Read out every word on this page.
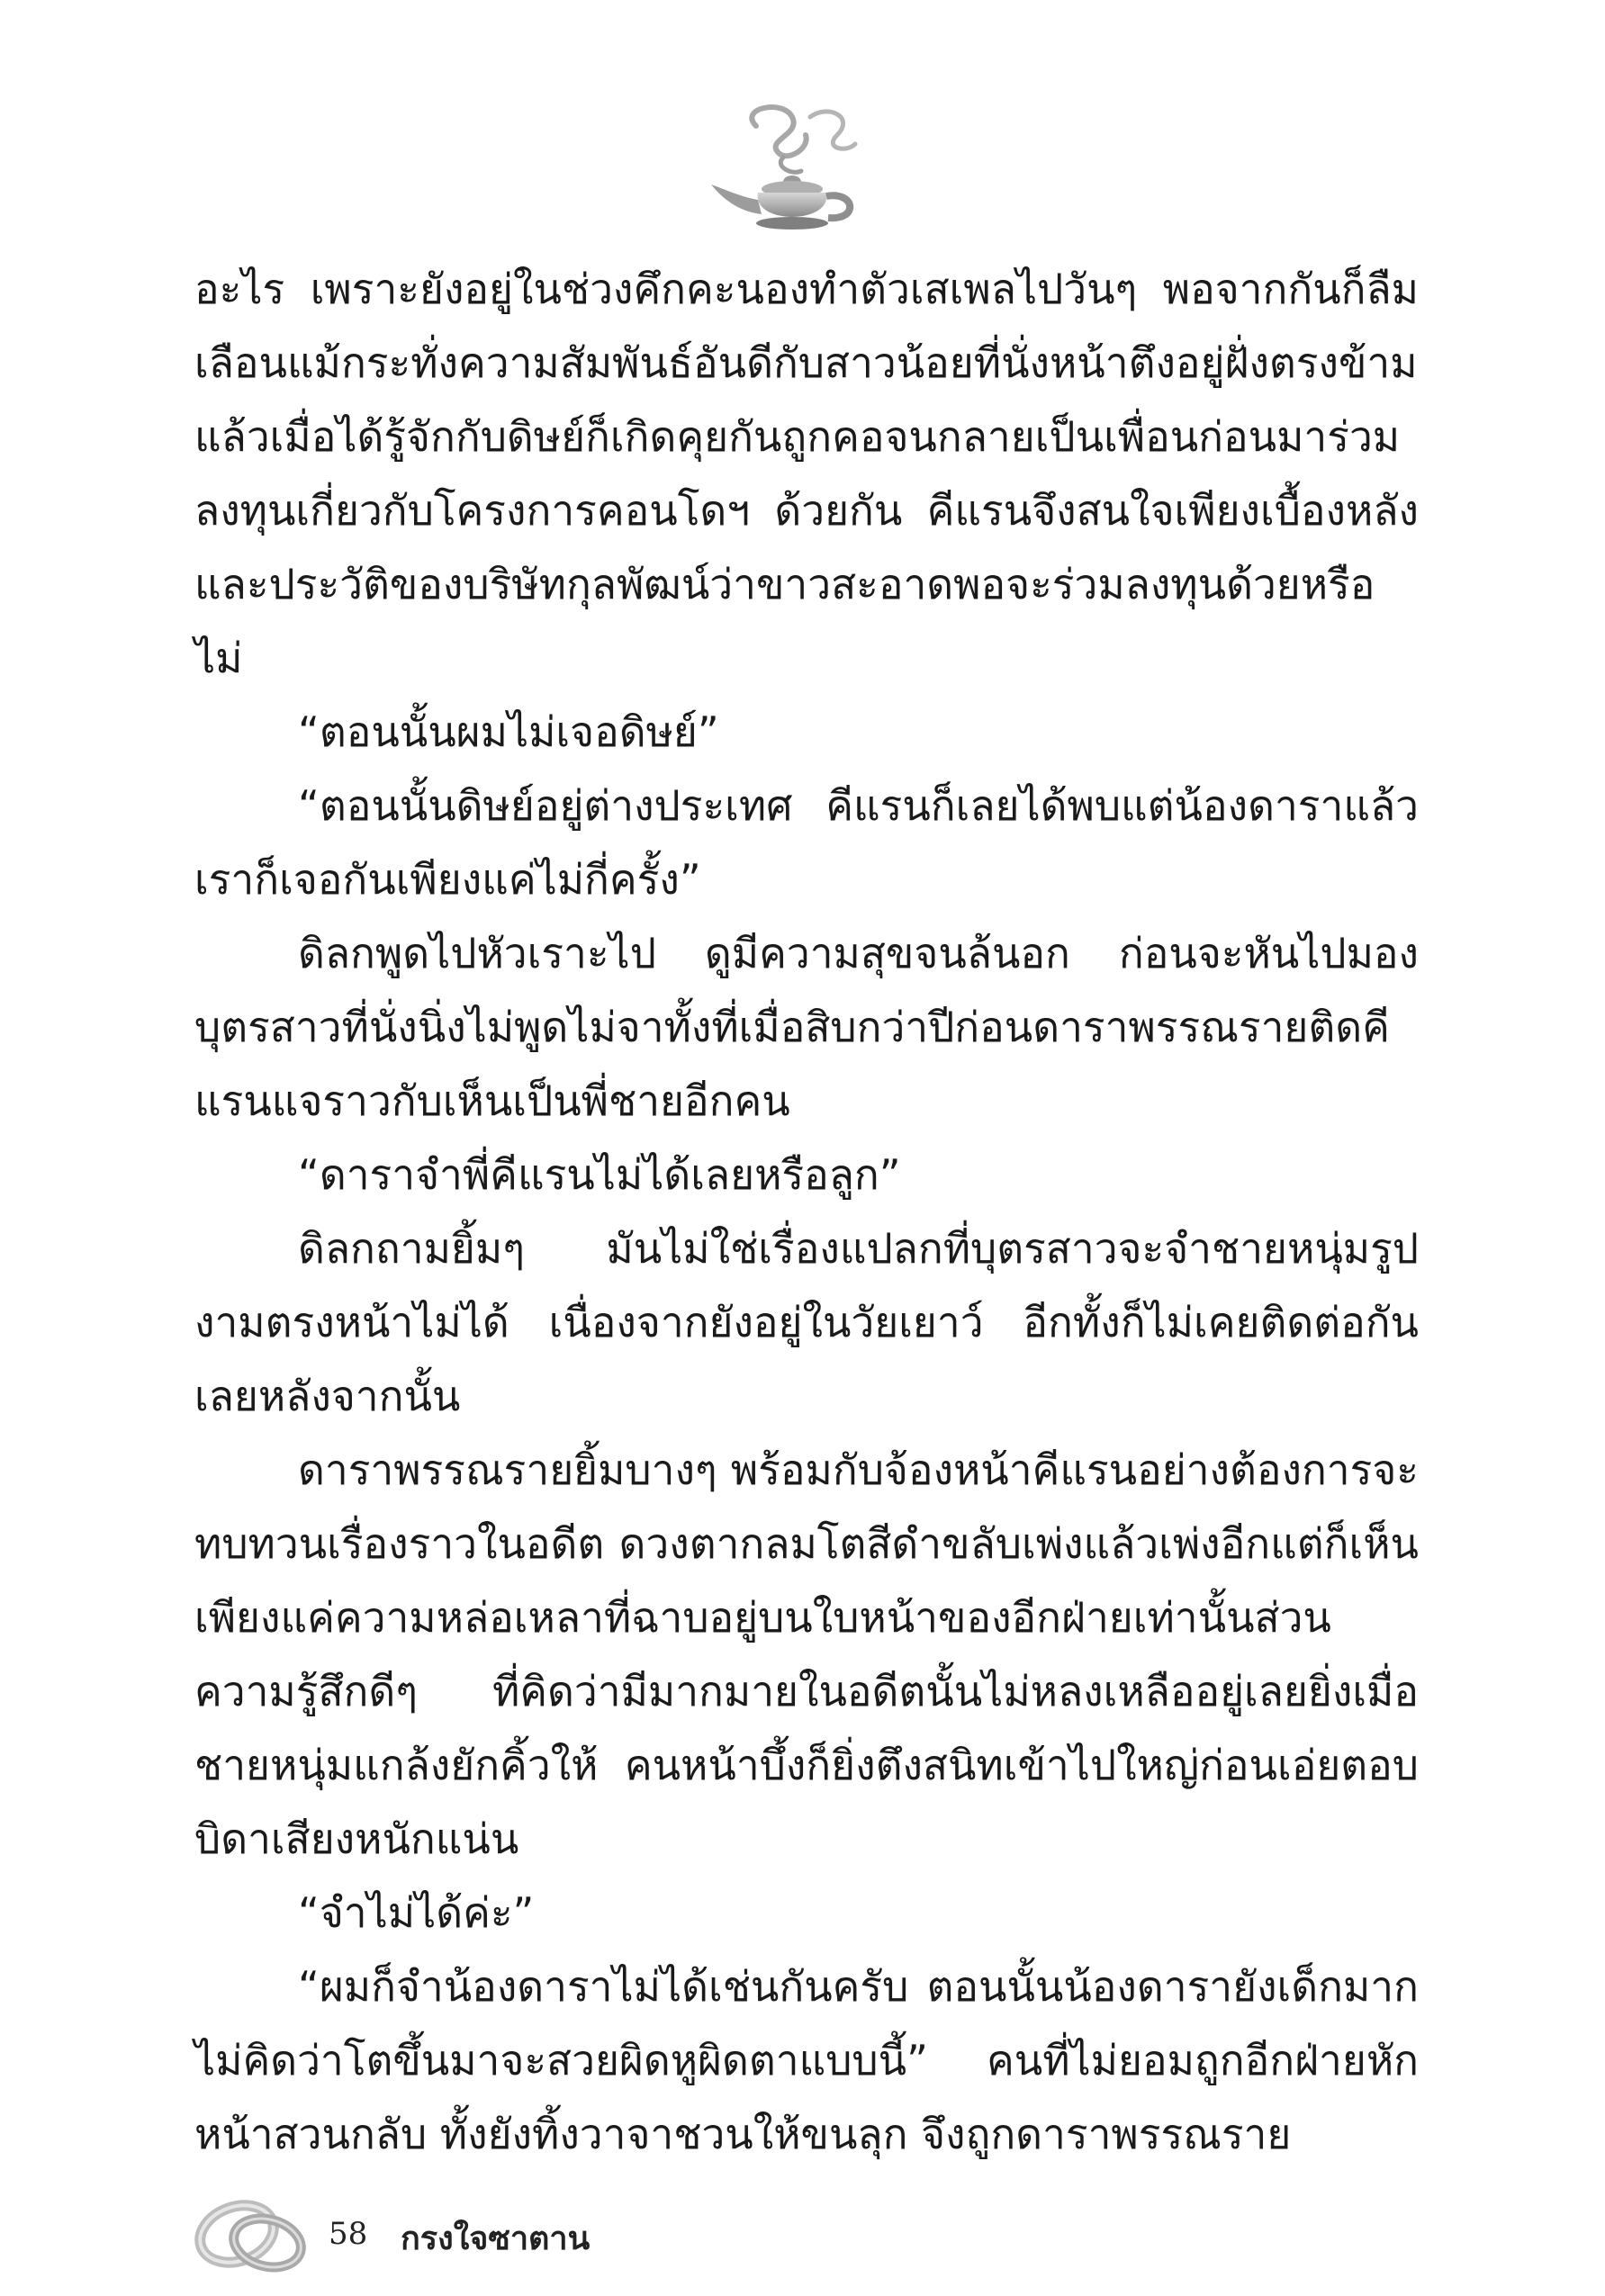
อะไร เพราะยังอยู่ในช่วงคึกคะนองทำตัวเสเพลไปวันๆ พอจากกันก็ลืมเลือนแม้กระทั่งความสัมพันธ์อันดีกับสาวน้อยที่นั่งหน้าตึงอยู่ฝั่งตรงข้าม แล้วเมื่อได้รู้จักกับดิษย์ก็เกิดคุยกันถูกคอจนกลายเป็นเพื่อนก่อนมาร่วมลงทุนเกี่ยวกับโครงการคอนโดฯ ด้วยกัน คีแรนจึงสนใจเพียงเบื้องหลังและประวัติของบริษัทกุลพัฒน์ว่าขาวสะอาดพอจะร่วมลงทุนด้วยหรือไม่

“ตอนนั้นผมไม่เจอดิษย์”

“ตอนนั้นดิษย์อยู่ต่างประเทศ คีแรนก็เลยได้พบแต่น้องดาราแล้วเราก็เจอกันเพียงแค่ไม่กี่ครั้ง”

ดิลกพูดไปหัวเราะไป ดูมีความสุขจนล้นอก ก่อนจะหันไปมองบุตรสาวที่นั่งนิ่งไม่พูดไม่จาทั้งที่เมื่อสิบกว่าปีก่อนดาราพรรณรายติดคีแรนแจราวกับเห็นเป็นพี่ชายอีกคน

“ดาราจำพี่คีแรนไม่ได้เลยหรือลูก”

ดิลกถามยิ้มๆ มันไม่ใช่เรื่องแปลกที่บุตรสาวจะจำชายหนุ่มรูปงามตรงหน้าไม่ได้ เนื่องจากยังอยู่ในวัยเยาว์ อีกทั้งก็ไม่เคยติดต่อกันเลยหลังจากนั้น

ดาราพรรณรายยิ้มบางๆ พร้อมกับจ้องหน้าคีแรนอย่างต้องการจะทบทวนเรื่องราวในอดีต ดวงตากลมโตสีดำขลับเพ่งแล้วเพ่งอีกแต่ก็เห็นเพียงแค่ความหล่อเหลาที่ฉาบอยู่บนใบหน้าของอีกฝ่ายเท่านั้นส่วนความรู้สึกดีๆ ที่คิดว่ามีมากมายในอดีตนั้นไม่หลงเหลืออยู่เลยยิ่งเมื่อชายหนุ่มแกล้งยักคิ้วให้ คนหน้าบึ้งก็ยิ่งตึงสนิทเข้าไปใหญ่ก่อนเอ่ยตอบบิดาเสียงหนักแน่น

“จำไม่ได้ค่ะ”

“ผมก็จำน้องดาราไม่ได้เช่นกันครับ ตอนนั้นน้องดารายังเด็กมากไม่คิดว่าโตขึ้นมาจะสวยผิดหูผิดตาแบบนี้” คนที่ไม่ยอมถูกอีกฝ่ายหักหน้าสวนกลับ ทั้งยังทิ้งวาจาชวนให้ขนลุก จึงถูกดาราพรรณราย

58 กรงใจซาตาน
